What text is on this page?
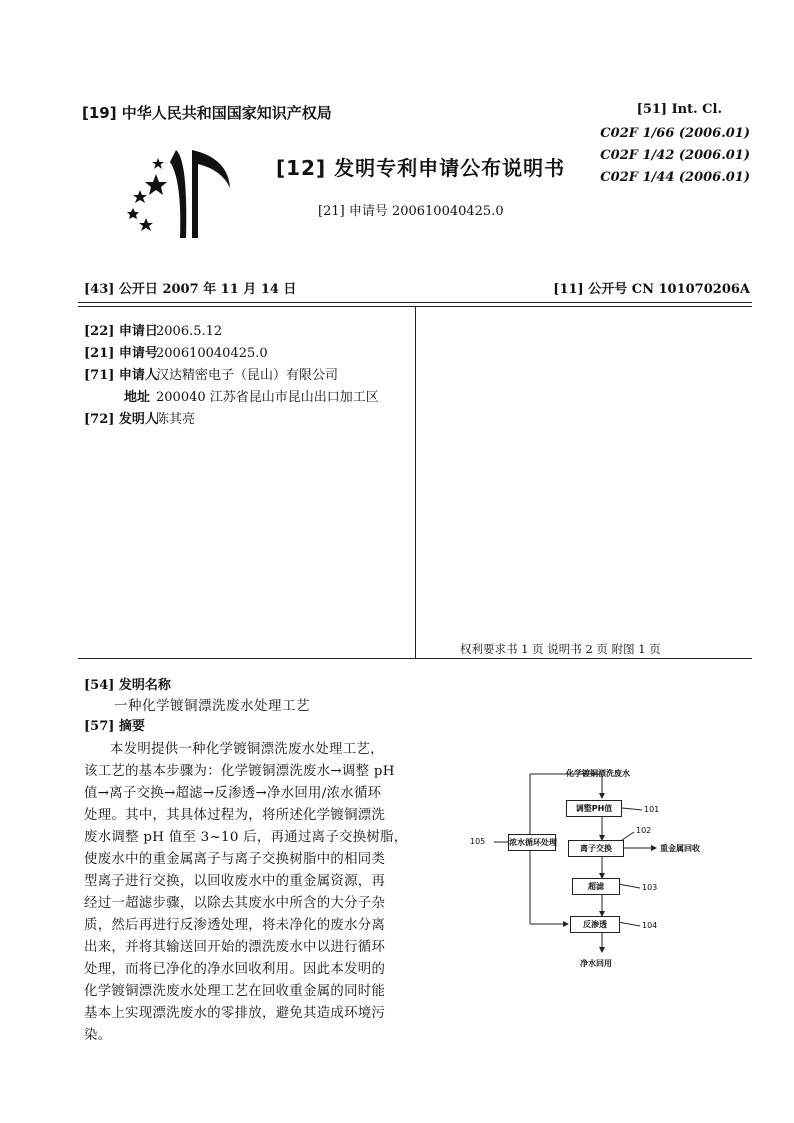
[19] 中华人民共和国国家知识产权局
[12] 发明专利申请公布说明书
[21] 申请号 200610040425.0
[51] Int. Cl.
C02F 1/66 (2006.01)
C02F 1/42 (2006.01)
C02F 1/44 (2006.01)
[43] 公开日 2007 年 11 月 14 日	[11] 公开号 CN 101070206A
[22] 申请日2006.5.12
[21] 申请号200610040425.0
[71] 申请人汉达精密电子（昆山）有限公司
地址 200040 江苏省昆山市昆山出口加工区
[72] 发明人陈其亮
权利要求书 1 页 说明书 2 页 附图 1 页
[54] 发明名称
一种化学镀铜漂洗废水处理工艺
[57] 摘要
本发明提供一种化学镀铜漂洗废水处理工艺，
该工艺的基本步骤为：化学镀铜漂洗废水→调整 pH
值→离子交换→超滤→反渗透→净水回用/浓水循环
处理。其中，其具体过程为，将所述化学镀铜漂洗
废水调整 pH 值至 3~10 后，再通过离子交换树脂，
使废水中的重金属离子与离子交换树脂中的相同类
型离子进行交换，以回收废水中的重金属资源，再
经过一超滤步骤，以除去其废水中所含的大分子杂
质，然后再进行反渗透处理，将未净化的废水分离
出来，并将其输送回开始的漂洗废水中以进行循环
处理，而将已净化的净水回收利用。因此本发明的
化学镀铜漂洗废水处理工艺在回收重金属的同时能
基本上实现漂洗废水的零排放，避免其造成环境污
染。
化学镀铜漂洗废水
调整PH值
离子交换
超滤
反渗透
浓水循环处理
101
102
103
104
105
重金属回收
净水回用
